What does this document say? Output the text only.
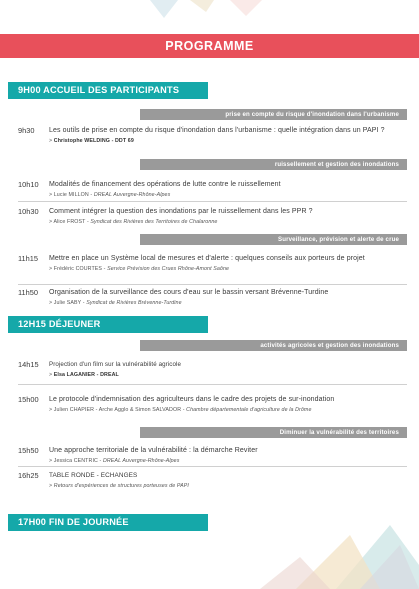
PROGRAMME
9H00 ACCUEIL DES PARTICIPANTS
prise en compte du risque d'inondation dans l'urbanisme
9h30	Les outils de prise en compte du risque d'inondation dans l'urbanisme : quelle intégration dans un PAPI ?
> Christophe WELDING - DDT 69
ruissellement et gestion des inondations
10h10	Modalités de financement des opérations de lutte contre le ruissellement
> Lucie MILLON - DREAL Auvergne-Rhône-Alpes
10h30	Comment intégrer la question des inondations par le ruissellement dans les PPR ?
> Alice FROST - Syndicat des Rivières des Territoires de Chalaronne
Surveillance, prévision et alerte de crue
11h15	Mettre en place un Système local de mesures et d'alerte : quelques conseils aux porteurs de projet
> Frédéric COURTES - Service Prévision des Crues Rhône-Amont Saône
11h50	Organisation de la surveillance des cours d'eau sur le bassin versant Brévenne-Turdine
> Julie SABY - Syndicat de Rivières Brévenne-Turdine
12H15 DÉJEUNER
activités agricoles et gestion des inondations
14h15	Projection d'un film sur la vulnérabilité agricole
> Elsa LAGANIER - DREAL
15h00	Le protocole d'indemnisation des agriculteurs dans le cadre des projets de sur-inondation
> Julien CHAPIER - Arche Agglo & Simon SALVADOR - Chambre départementale d'agriculture de la Drôme
Diminuer la vulnérabilité des territoires
15h50	Une approche territoriale de la vulnérabilité : la démarche Reviter
> Jessica CENTRIC - DREAL Auvergne-Rhône-Alpes
16h25	TABLE RONDE - ECHANGES
> Retours d'expériences de structures porteuses de PAPI
17H00 FIN DE JOURNÉE
